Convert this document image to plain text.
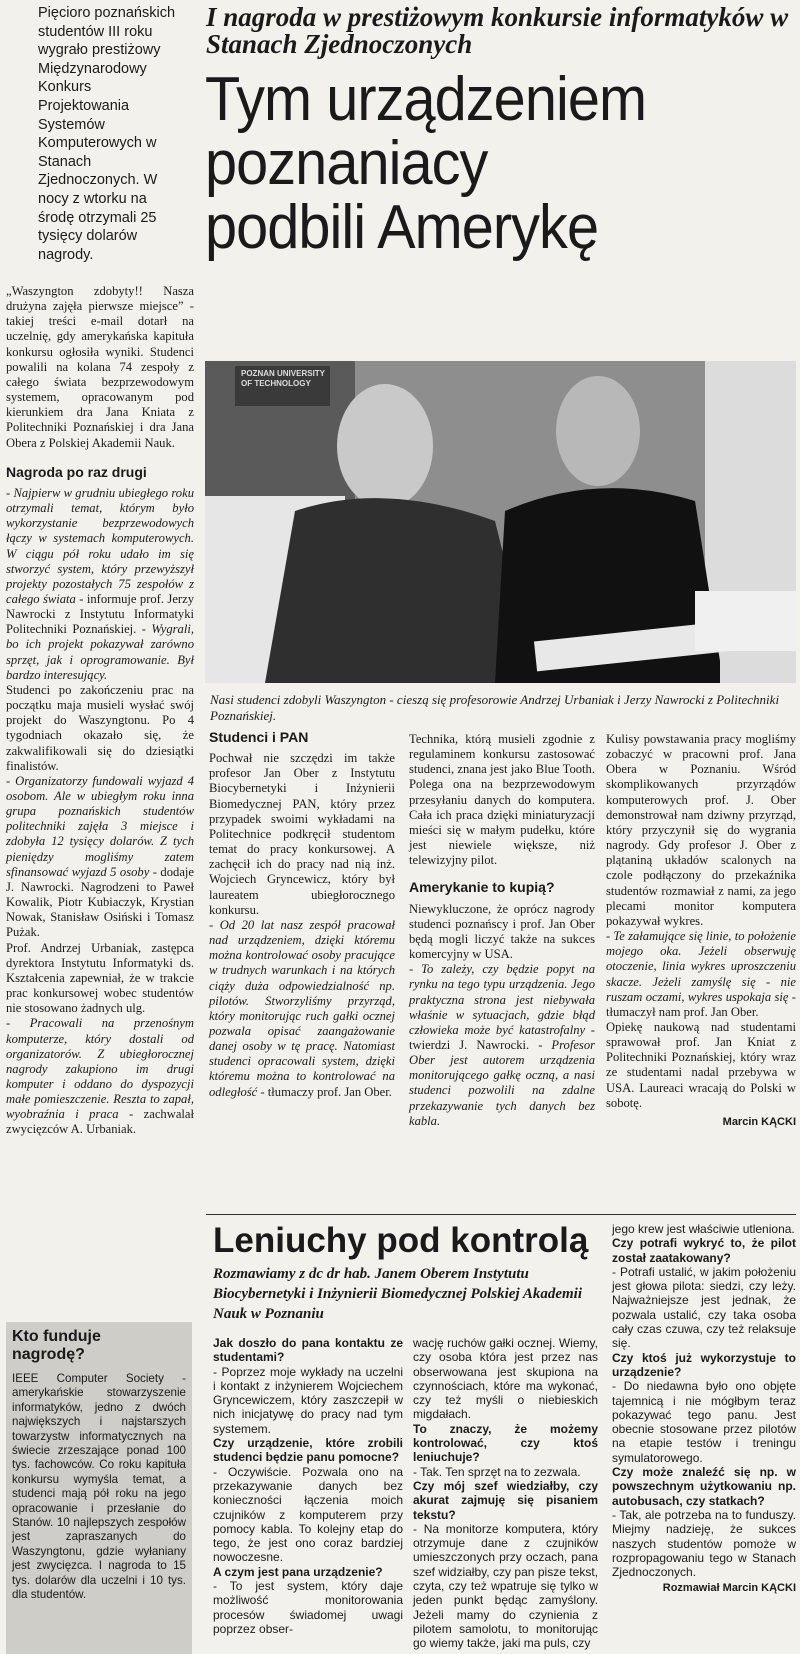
Pięcioro poznańskich studentów III roku wygrało prestiżowy Międzynarodowy Konkurs Projektowania Systemów Komputerowych w Stanach Zjednoczonych. W nocy z wtorku na środę otrzymali 25 tysięcy dolarów nagrody.
I nagroda w prestiżowym konkursie informatyków w Stanach Zjednoczonych
Tym urządzeniem
poznaniacy
podbili Amerykę

„Waszyngton zdobyty!! Nasza drużyna zajęła pierwsze miejsce” - takiej treści e-mail dotarł na uczelnię, gdy amerykańska kapituła konkursu ogłosiła wyniki. Studenci powalili na kolana 74 zespoły z całego świata bezprzewodowym systemem, opracowanym pod kierunkiem dra Jana Kniata z Politechniki Poznańskiej i dra Jana Obera z Polskiej Akademii Nauk.

Nagroda po raz drugi

- Najpierw w grudniu ubiegłego roku otrzymali temat, którym było wykorzystanie bezprzewodowych łączy w systemach komputerowych. W ciągu pół roku udało im się stworzyć system, który przewyższył projekty pozostałych 75 zespołów z całego świata - informuje prof. Jerzy Nawrocki z Instytutu Informatyki Politechniki Poznańskiej. - Wygrali, bo ich projekt pokazywał zarówno sprzęt, jak i oprogramowanie. Był bardzo interesujący.

Studenci po zakończeniu prac na początku maja musieli wysłać swój projekt do Waszyngtonu. Po 4 tygodniach okazało się, że zakwalifikowali się do dziesiątki finalistów.

- Organizatorzy fundowali wyjazd 4 osobom. Ale w ubiegłym roku inna grupa poznańskich studentów politechniki zajęła 3 miejsce i zdobyła 12 tysięcy dolarów. Z tych pieniędzy mogliśmy zatem sfinansować wyjazd 5 osoby - dodaje J. Nawrocki. Nagrodzeni to Paweł Kowalik, Piotr Kubiaczyk, Krystian Nowak, Stanisław Osiński i Tomasz Pużak.

Prof. Andrzej Urbaniak, zastępca dyrektora Instytutu Informatyki ds. Kształcenia zapewniał, że w trakcie prac konkursowej wobec studentów nie stosowano żadnych ulg.

- Pracowali na przenośnym komputerze, który dostali od organizatorów. Z ubiegłorocznej nagrody zakupiono im drugi komputer i oddano do dyspozycji małe pomieszczenie. Reszta to zapał, wyobraźnia i praca - zachwalał zwycięzców A. Urbaniak.

Kto funduje nagrodę?
IEEE Computer Society - amerykańskie stowarzyszenie informatyków, jedno z dwóch największych i najstarszych towarzystw informatycznych na świecie zrzeszające ponad 100 tys. fachowców. Co roku kapituła konkursu wymyśla temat, a studenci mają pół roku na jego opracowanie i przesłanie do Stanów. 10 najlepszych zespołów jest zapraszanych do Waszyngtonu, gdzie wyłaniany jest zwycięzca. I nagroda to 15 tys. dolarów dla uczelni i 10 tys. dla studentów.
POZNAN UNIVERSITY OF TECHNOLOGY
Nasi studenci zdobyli Waszyngton - cieszą się profesorowie Andrzej Urbaniak i Jerzy Nawrocki z Politechniki Poznańskiej.
Studenci i PAN

Pochwał nie szczędzi im także profesor Jan Ober z Instytutu Biocybernetyki i Inżynierii Biomedycznej PAN, który przez przypadek swoimi wykładami na Politechnice podkręcił studentom temat do pracy konkursowej. A zachęcił ich do pracy nad nią inż. Wojciech Gryncewicz, który był laureatem ubiegłorocznego konkursu.

- Od 20 lat nasz zespół pracował nad urządzeniem, dzięki któremu można kontrolować osoby pracujące w trudnych warunkach i na których ciąży duża odpowiedzialność np. pilotów. Stworzyliśmy przyrząd, który monitorując ruch gałki ocznej pozwala opisać zaangażowanie danej osoby w tę pracę. Natomiast studenci opracowali system, dzięki któremu można to kontrolować na odległość - tłumaczy prof. Jan Ober.

Technika, którą musieli zgodnie z regulaminem konkursu zastosować studenci, znana jest jako Blue Tooth. Polega ona na bezprzewodowym przesyłaniu danych do komputera. Cała ich praca dzięki miniaturyzacji mieści się w małym pudełku, które jest niewiele większe, niż telewizyjny pilot.

Amerykanie to kupią?

Niewykluczone, że oprócz nagrody studenci poznańscy i prof. Jan Ober będą mogli liczyć także na sukces komercyjny w USA.

- To zależy, czy będzie popyt na rynku na tego typu urządzenia. Jego praktyczna strona jest niebywała właśnie w sytuacjach, gdzie błąd człowieka może być katastrofalny - twierdzi J. Nawrocki. - Profesor Ober jest autorem urządzenia monitorującego gałkę oczną, a nasi studenci pozwolili na zdalne przekazywanie tych danych bez kabla.

Kulisy powstawania pracy mogliśmy zobaczyć w pracowni prof. Jana Obera w Poznaniu. Wśród skomplikowanych przyrządów komputerowych prof. J. Ober demonstrował nam dziwny przyrząd, który przyczynił się do wygrania nagrody. Gdy profesor J. Ober z plątaniną układów scalonych na czole podłączony do przekaźnika studentów rozmawiał z nami, za jego plecami monitor komputera pokazywał wykres.

- Te załamujące się linie, to położenie mojego oka. Jeżeli obserwuję otoczenie, linia wykres uproszczeniu skacze. Jeżeli zamyślę się - nie ruszam oczami, wykres uspokaja się - tłumaczył nam prof. Jan Ober.

Opiekę naukową nad studentami sprawował prof. Jan Kniat z Politechniki Poznańskiej, który wraz ze studentami nadal przebywa w USA. Laureaci wracają do Polski w sobotę.

Marcin KĄCKI
Leniuchy pod kontrolą
Rozmawiamy z dc dr hab. Janem Oberem Instytutu Biocybernetyki i Inżynierii Biomedycznej Polskiej Akademii Nauk w Poznaniu
Jak doszło do pana kontaktu ze studentami?
- Poprzez moje wykłady na uczelni i kontakt z inżynierem Wojciechem Gryncewiczem, który zaszczepił w nich inicjatywę do pracy nad tym systemem.
Czy urządzenie, które zrobili studenci będzie panu pomocne?
- Oczywiście. Pozwala ono na przekazywanie danych bez konieczności łączenia moich czujników z komputerem przy pomocy kabla. To kolejny etap do tego, że jest ono coraz bardziej nowoczesne.
A czym jest pana urządzenie?
- To jest system, który daje możliwość monitorowania procesów świadomej uwagi poprzez obser-
wację ruchów gałki ocznej. Wiemy, czy osoba która jest przez nas obserwowana jest skupiona na czynnościach, które ma wykonać, czy też myśli o niebieskich migdałach.
To znaczy, że możemy kontrolować, czy ktoś leniuchuje?
- Tak. Ten sprzęt na to zezwala.
Czy mój szef wiedziałby, czy akurat zajmuję się pisaniem tekstu?
- Na monitorze komputera, który otrzymuje dane z czujników umieszczonych przy oczach, pana szef widziałby, czy pan pisze tekst, czyta, czy też wpatruje się tylko w jeden punkt będąc zamyślony. Jeżeli mamy do czynienia z pilotem samolotu, to monitorując go wiemy także, jaki ma puls, czy
jego krew jest właściwie utleniona.
Czy potrafi wykryć to, że pilot został zaatakowany?
- Potrafi ustalić, w jakim położeniu jest głowa pilota: siedzi, czy leży. Najważniejsze jest jednak, że pozwala ustalić, czy taka osoba cały czas czuwa, czy też relaksuje się.
Czy ktoś już wykorzystuje to urządzenie?
- Do niedawna było ono objęte tajemnicą i nie mógłbym teraz pokazywać tego panu. Jest obecnie stosowane przez pilotów na etapie testów i treningu symulatorowego.
Czy może znaleźć się np. w powszechnym użytkowaniu np. autobusach, czy statkach?
- Tak, ale potrzeba na to funduszy. Miejmy nadzieję, że sukces naszych studentów pomoże w rozpropagowaniu tego w Stanach Zjednoczonych.
Rozmawiał Marcin KĄCKI
